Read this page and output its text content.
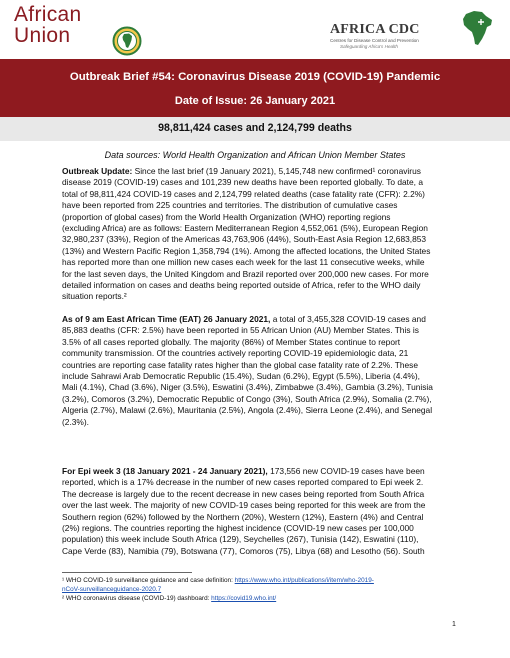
African
Union	AFRICA CDC
Centres for Disease Control and Prevention
Safeguarding Africa's Health
Outbreak Brief #54: Coronavirus Disease 2019 (COVID-19) Pandemic
Date of Issue: 26 January 2021
98,811,424 cases and 2,124,799 deaths
Data sources: World Health Organization and African Union Member States
Outbreak Update: Since the last brief (19 January 2021), 5,145,748 new confirmed¹ coronavirus
disease 2019 (COVID-19) cases and 101,239 new deaths have been reported globally. To date, a
total of 98,811,424 COVID-19 cases and 2,124,799 related deaths (case fatality rate (CFR): 2.2%)
have been reported from 225 countries and territories. The distribution of cumulative cases
(proportion of global cases) from the World Health Organization (WHO) reporting regions
(excluding Africa) are as follows: Eastern Mediterranean Region 4,552,061 (5%), European Region
32,980,237 (33%), Region of the Americas 43,763,906 (44%), South-East Asia Region 12,683,853
(13%) and Western Pacific Region 1,358,794 (1%). Among the affected locations, the United States
has reported more than one million new cases each week for the last 11 consecutive weeks, while
for the last seven days, the United Kingdom and Brazil reported over 200,000 new cases. For more
detailed information on cases and deaths being reported outside of Africa, refer to the WHO daily
situation reports.²
As of 9 am East African Time (EAT) 26 January 2021, a total of 3,455,328 COVID-19 cases and
85,883 deaths (CFR: 2.5%) have been reported in 55 African Union (AU) Member States. This is
3.5% of all cases reported globally. The majority (86%) of Member States continue to report
community transmission. Of the countries actively reporting COVID-19 epidemiologic data, 21
countries are reporting case fatality rates higher than the global case fatality rate of 2.2%. These
include Sahrawi Arab Democratic Republic (15.4%), Sudan (6.2%), Egypt (5.5%), Liberia (4.4%),
Mali (4.1%), Chad (3.6%), Niger (3.5%), Eswatini (3.4%), Zimbabwe (3.4%), Gambia (3.2%), Tunisia
(3.2%), Comoros (3.2%), Democratic Republic of Congo (3%), South Africa (2.9%), Somalia (2.7%),
Algeria (2.7%), Malawi (2.6%), Mauritania (2.5%), Angola (2.4%), Sierra Leone (2.4%), and Senegal
(2.3%).
For Epi week 3 (18 January 2021 - 24 January 2021), 173,556 new COVID-19 cases have been
reported, which is a 17% decrease in the number of new cases reported compared to Epi week 2.
The decrease is largely due to the recent decrease in new cases being reported from South Africa
over the last week. The majority of new COVID-19 cases being reported for this week are from the
Southern region (62%) followed by the Northern (20%), Western (12%), Eastern (4%) and Central
(2%) regions. The countries reporting the highest incidence (COVID-19 new cases per 100,000
population) this week include South Africa (129), Seychelles (267), Tunisia (142), Eswatini (110),
Cape Verde (83), Namibia (79), Botswana (77), Comoros (75), Libya (68) and Lesotho (56). South
¹ WHO COVID-19 surveillance guidance and case definition: https://www.who.int/publications/i/item/who-2019-
nCoV-surveillanceguidance-2020.7
² WHO coronavirus disease (COVID-19) dashboard: https://covid19.who.int/
1
